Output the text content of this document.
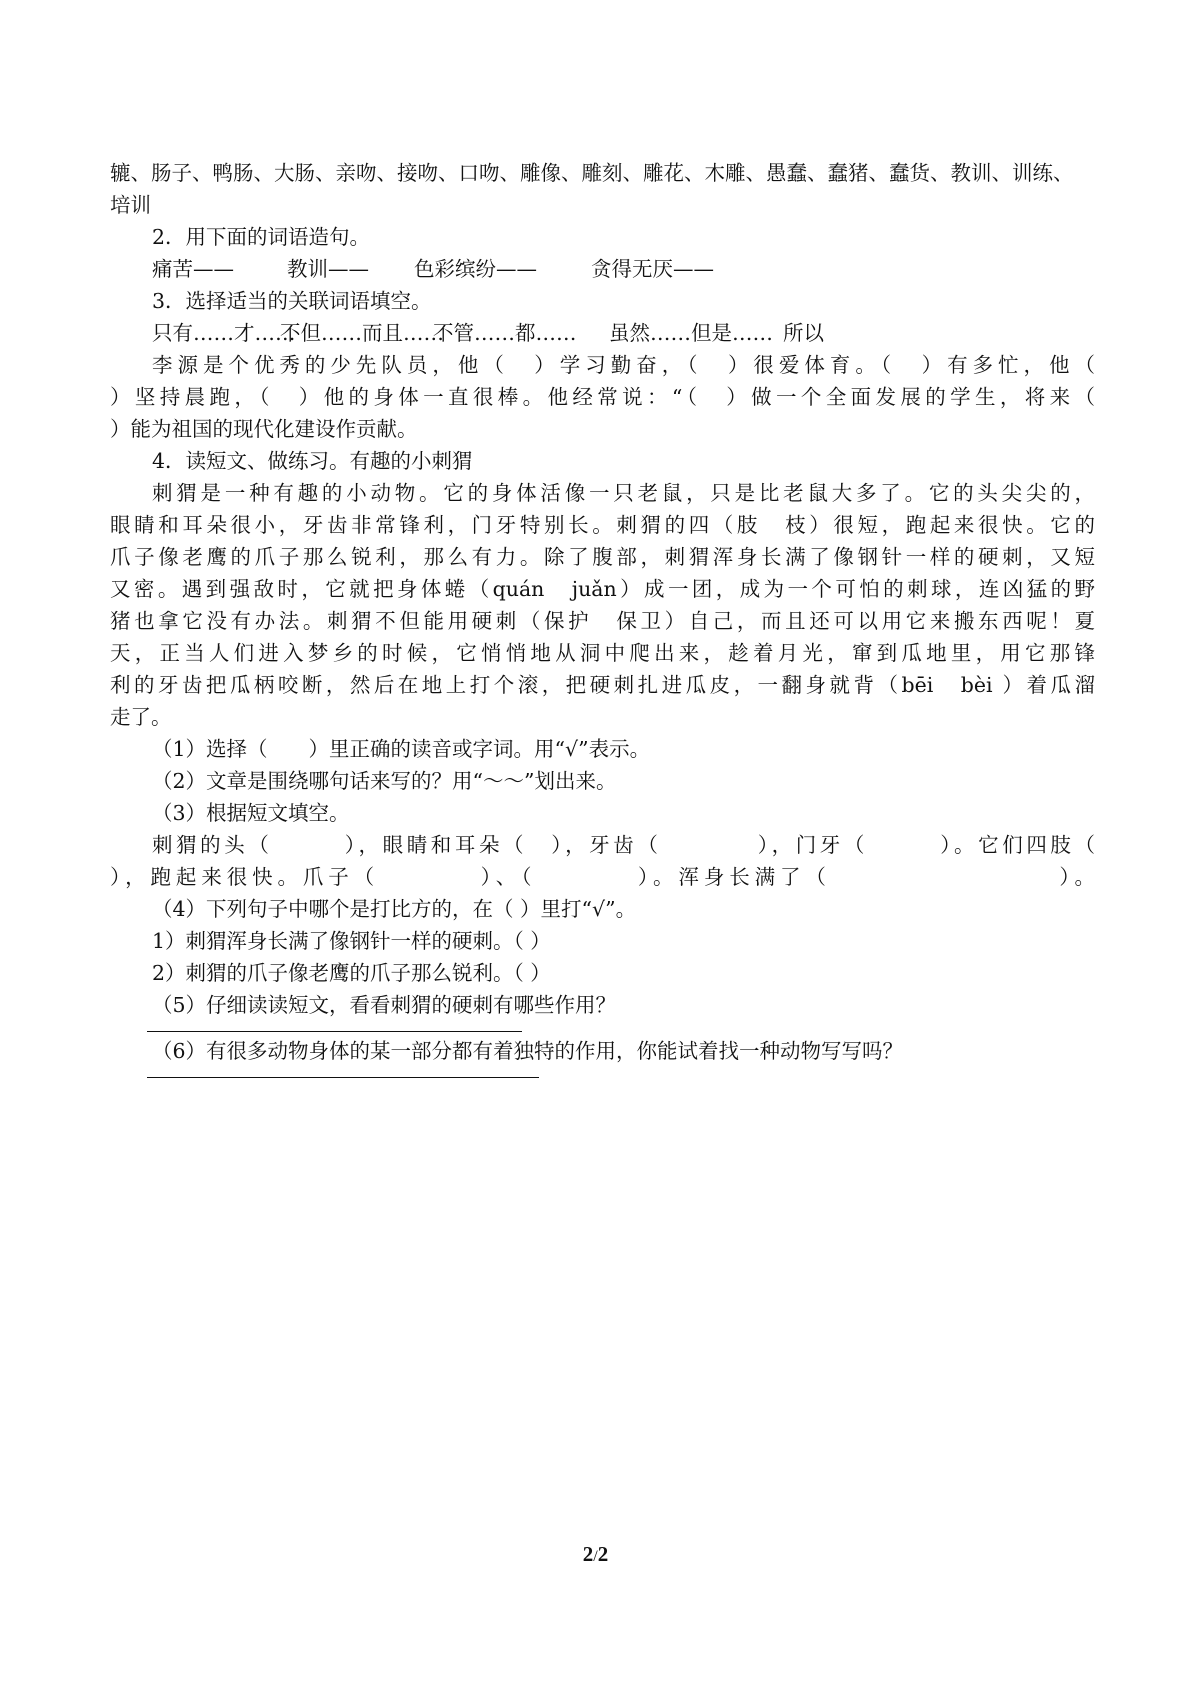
辘、肠子、鸭肠、大肠、亲吻、接吻、口吻、雕像、雕刻、雕花、木雕、愚蠢、蠢猪、蠢货、教训、训练、
培训
2．用下面的词语造句。
痛苦——	教训—— 色彩缤纷——	贪得无厌——
3．选择适当的关联词语填空。
只有……才……不但……而且……不管……都…… 虽然……但是…… 所以
李源是个优秀的少先队员，他（　）学习勤奋，（　）很爱体育。（　）有多忙，他（
）坚持晨跑，（　）他的身体一直很棒。他经常说：“（　）做一个全面发展的学生，将来（
）能为祖国的现代化建设作贡献。
4．读短文、做练习。有趣的小刺猬
刺猬是一种有趣的小动物。它的身体活像一只老鼠，只是比老鼠大多了。它的头尖尖的，
眼睛和耳朵很小，牙齿非常锋利，门牙特别长。刺猬的四（肢　枝）很短，跑起来很快。它的
爪子像老鹰的爪子那么锐利，那么有力。除了腹部，刺猬浑身长满了像钢针一样的硬刺，又短
又密。遇到强敌时，它就把身体蜷（quán　juǎn）成一团，成为一个可怕的刺球，连凶猛的野
猪也拿它没有办法。刺猬不但能用硬刺（保护　保卫）自己，而且还可以用它来搬东西呢！夏
天，正当人们进入梦乡的时候，它悄悄地从洞中爬出来，趁着月光，窜到瓜地里，用它那锋
利的牙齿把瓜柄咬断，然后在地上打个滚，把硬刺扎进瓜皮，一翻身就背（bēi　bèi ）着瓜溜
走了。
（1）选择（　　）里正确的读音或字词。用“√”表示。
（2）文章是围绕哪句话来写的？用“～～”划出来。
（3）根据短文填空。
刺猬的头（　　　），眼睛和耳朵（　），牙齿（　　　　），门牙（　　　）。它们四肢（
），跑起来很快。爪子（　　　　）、（　　　　）。浑身长满了（　　　　　　　　　）。
（4）下列句子中哪个是打比方的，在（ ）里打“√”。
1）刺猬浑身长满了像钢针一样的硬刺。（ ）
2）刺猬的爪子像老鹰的爪子那么锐利。（ ）
（5）仔细读读短文，看看刺猬的硬刺有哪些作用？
（6）有很多动物身体的某一部分都有着独特的作用，你能试着找一种动物写写吗？
2/2
